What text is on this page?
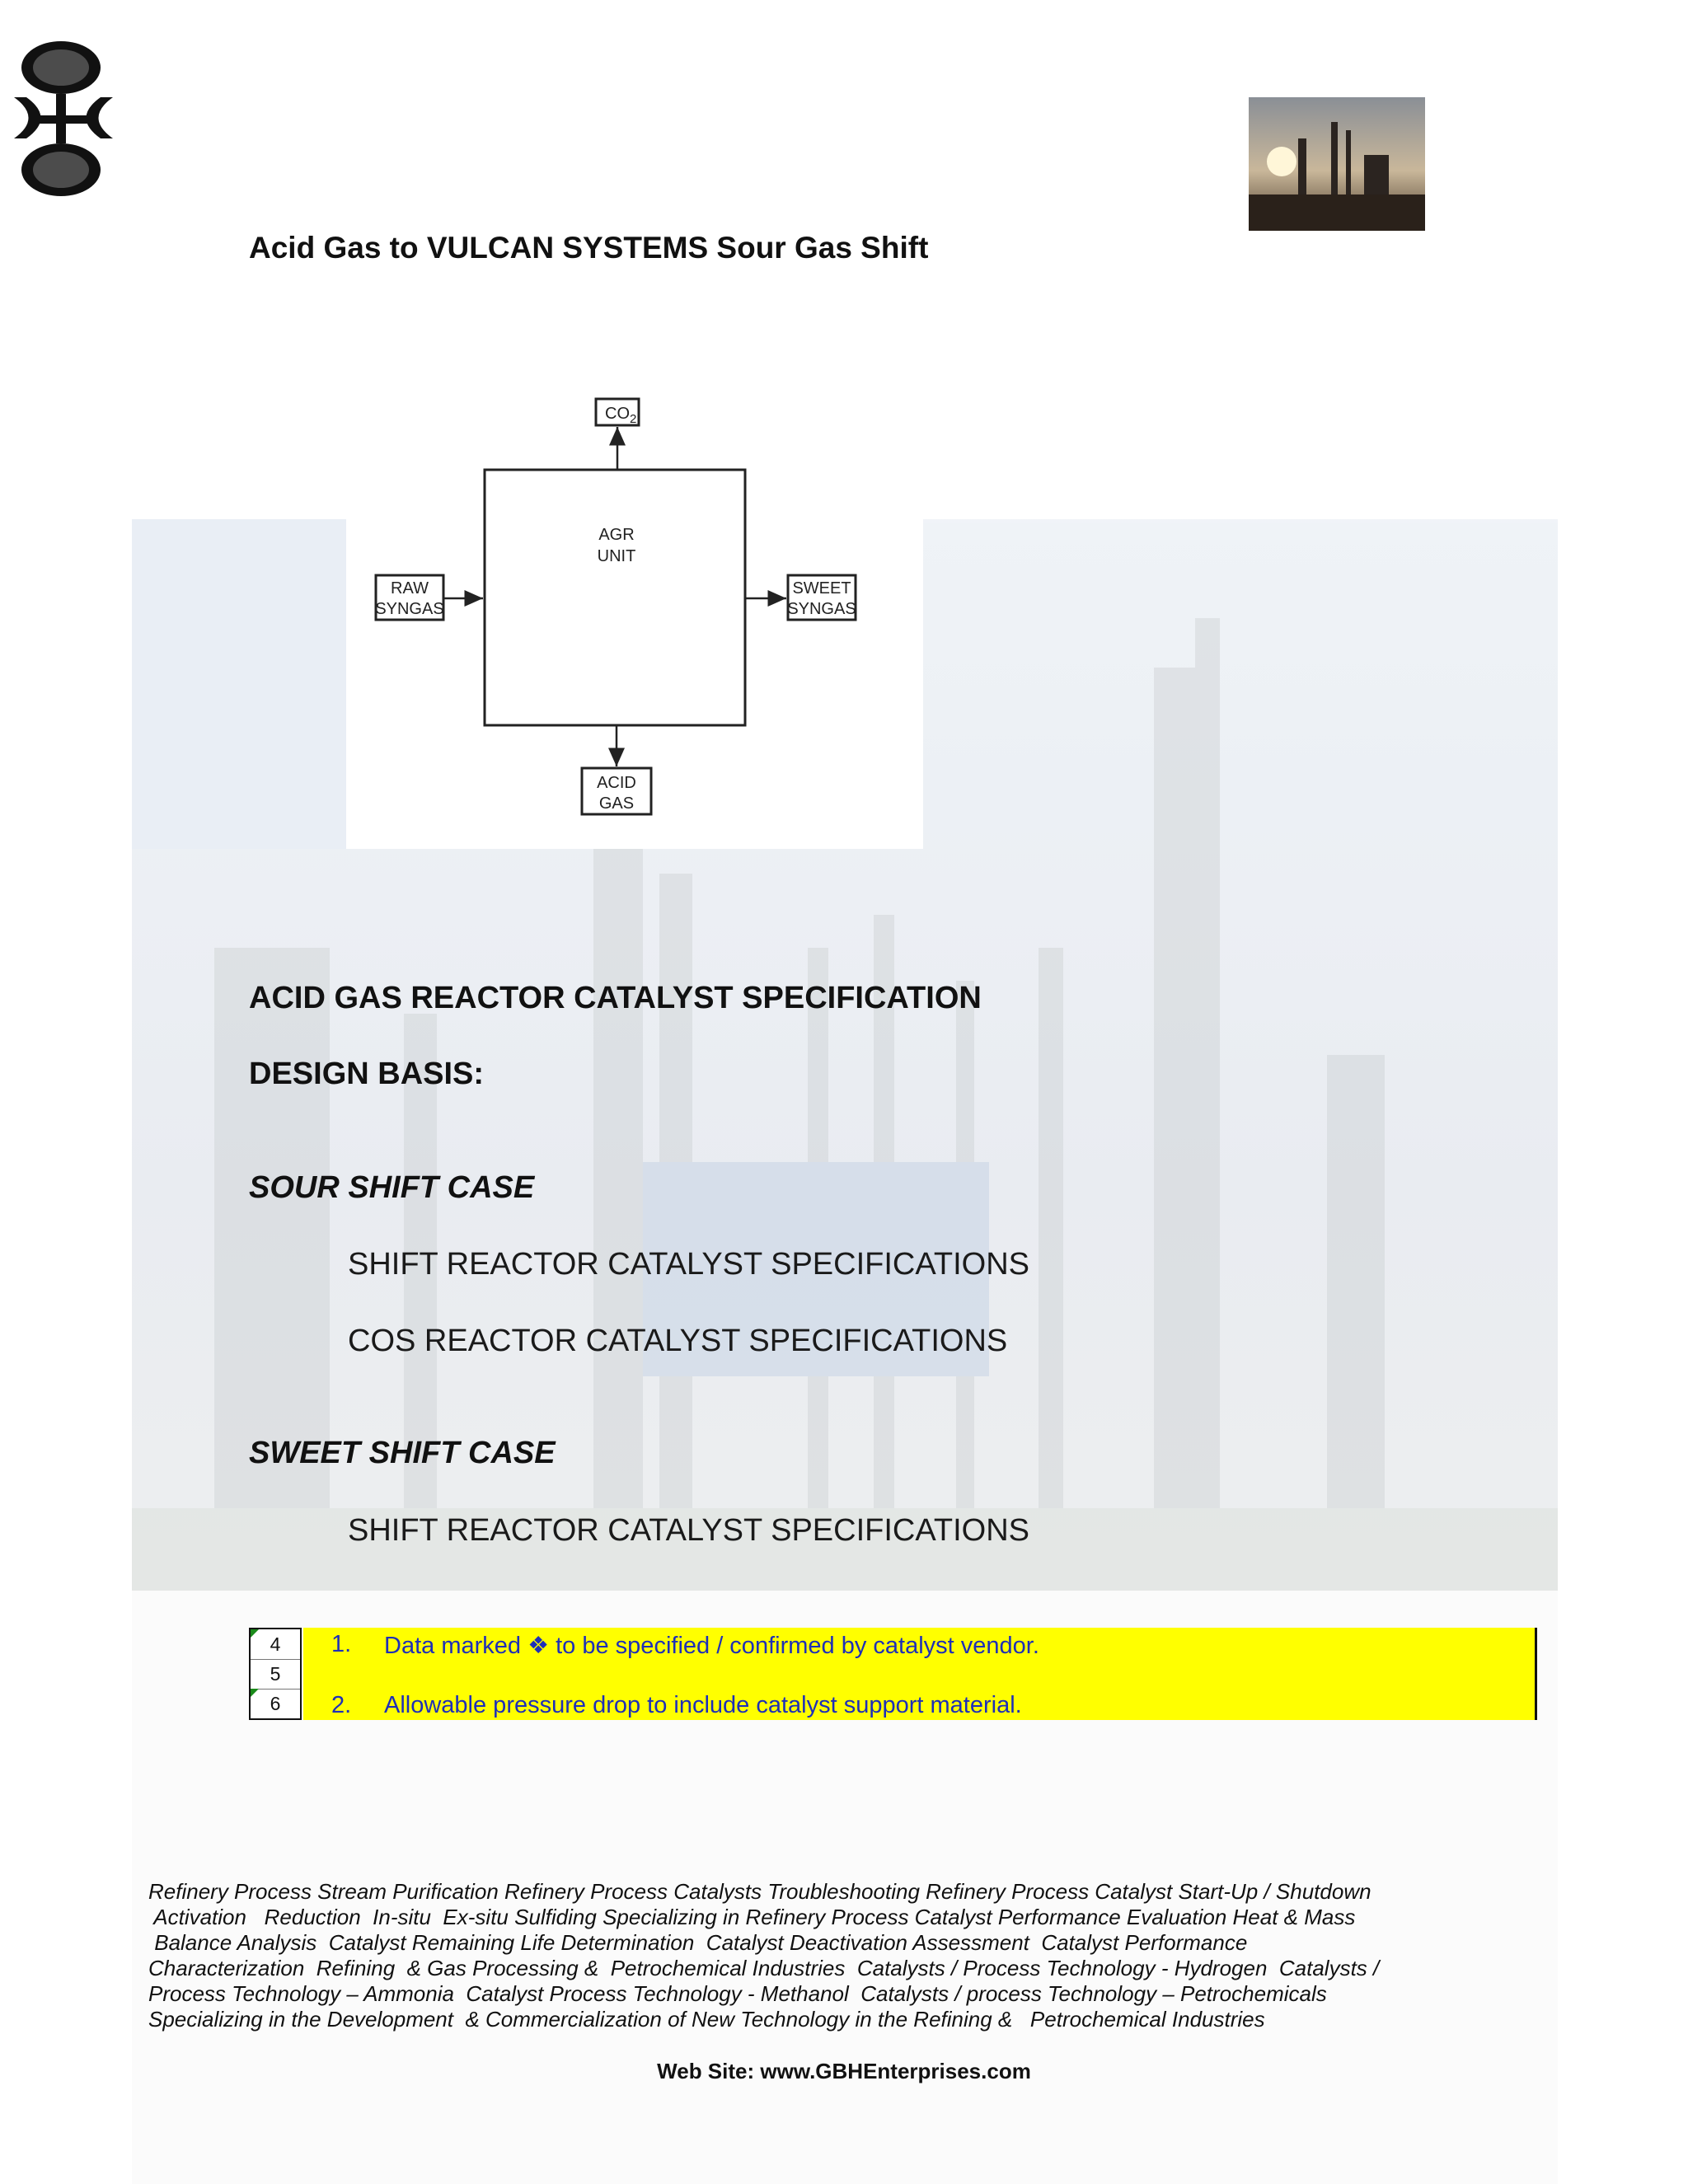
Acid Gas to VULCAN SYSTEMS Sour Gas Shift
AGR
UNIT
$CO_2$
RAW
SYNGAS
SWEET
SYNGAS
ACID
GAS
ACID GAS REACTOR CATALYST SPECIFICATION
DESIGN BASIS:
SOUR SHIFT CASE
SHIFT REACTOR CATALYST SPECIFICATIONS
COS REACTOR CATALYST SPECIFICATIONS
SWEET SHIFT CASE
SHIFT REACTOR CATALYST SPECIFICATIONS
4
5
6
1. Data marked ❖ to be specified / confirmed by catalyst vendor.
2. Allowable pressure drop to include catalyst support material.
Refinery Process Stream Purification Refinery Process Catalysts Troubleshooting Refinery Process Catalyst Start-Up / Shutdown
Activation   Reduction  In-situ  Ex-situ Sulfiding Specializing in Refinery Process Catalyst Performance Evaluation Heat & Mass
Balance Analysis  Catalyst Remaining Life Determination  Catalyst Deactivation Assessment  Catalyst Performance
Characterization  Refining  & Gas Processing &  Petrochemical Industries  Catalysts / Process Technology - Hydrogen  Catalysts /
Process Technology – Ammonia  Catalyst Process Technology - Methanol  Catalysts / process Technology – Petrochemicals
Specializing in the Development  & Commercialization of New Technology in the Refining &   Petrochemical Industries
Web Site: www.GBHEnterprises.com
